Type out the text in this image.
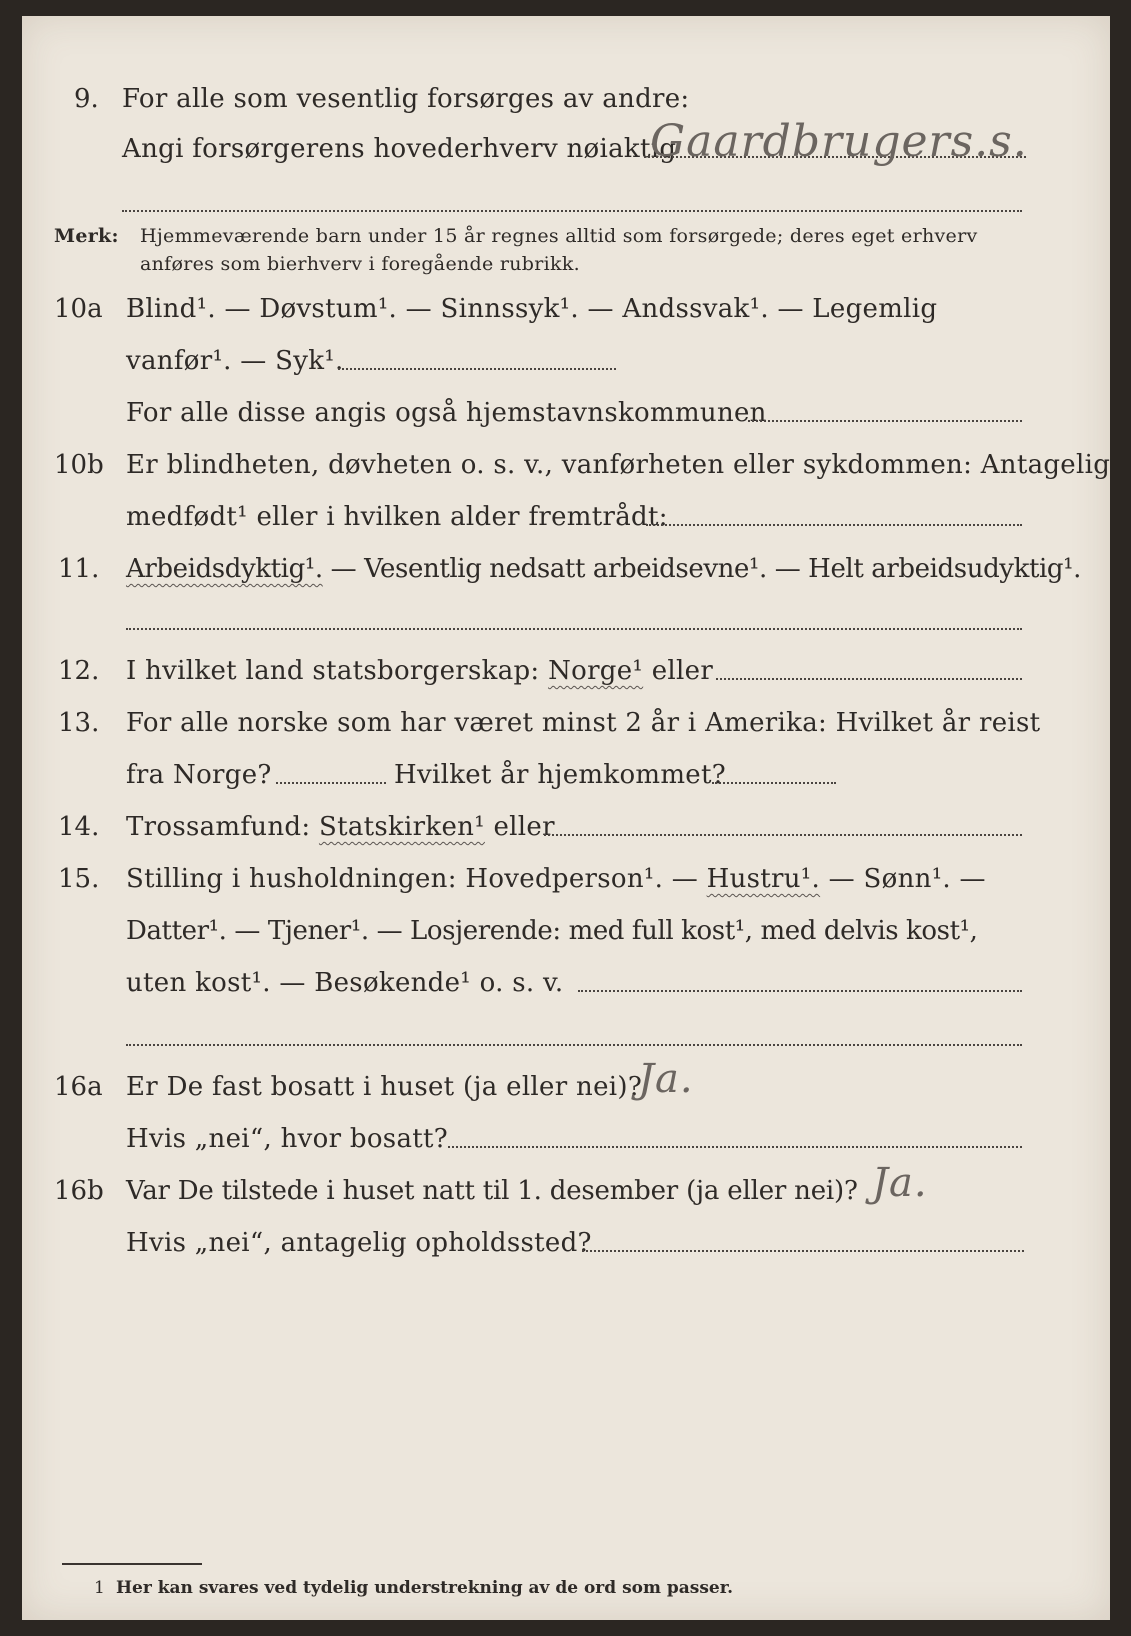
9. For alle som vesentlig forsørges av andre:
Angi forsørgerens hovederhverv nøiaktig
Gaardbrugers.s.
Merk: Hjemmeværende barn under 15 år regnes alltid som forsørgede; deres eget erhverv
anføres som bierhverv i foregående rubrikk.
10a Blind¹. — Døvstum¹. — Sinnssyk¹. — Andssvak¹. — Legemlig
vanfør¹. — Syk¹.
For alle disse angis også hjemstavnskommunen
10b Er blindheten, døvheten o. s. v., vanførheten eller sykdommen: Antagelig
medfødt¹ eller i hvilken alder fremtrådt:
11. Arbeidsdyktig¹. — Vesentlig nedsatt arbeidsevne¹. — Helt arbeidsudyktig¹.
12. I hvilket land statsborgerskap: Norge¹ eller
13. For alle norske som har været minst 2 år i Amerika: Hvilket år reist
fra Norge?	Hvilket år hjemkommet?
14. Trossamfund: Statskirken¹ eller
15. Stilling i husholdningen: Hovedperson¹. — Hustru¹. — Sønn¹. —
Datter¹. — Tjener¹. — Losjerende: med full kost¹, med delvis kost¹,
uten kost¹. — Besøkende¹ o. s. v.
16a Er De fast bosatt i huset (ja eller nei)?
Ja.
Hvis „nei“, hvor bosatt?
16b Var De tilstede i huset natt til 1. desember (ja eller nei)? Ja.
Hvis „nei“, antagelig opholdssted?
1 Her kan svares ved tydelig understrekning av de ord som passer.
